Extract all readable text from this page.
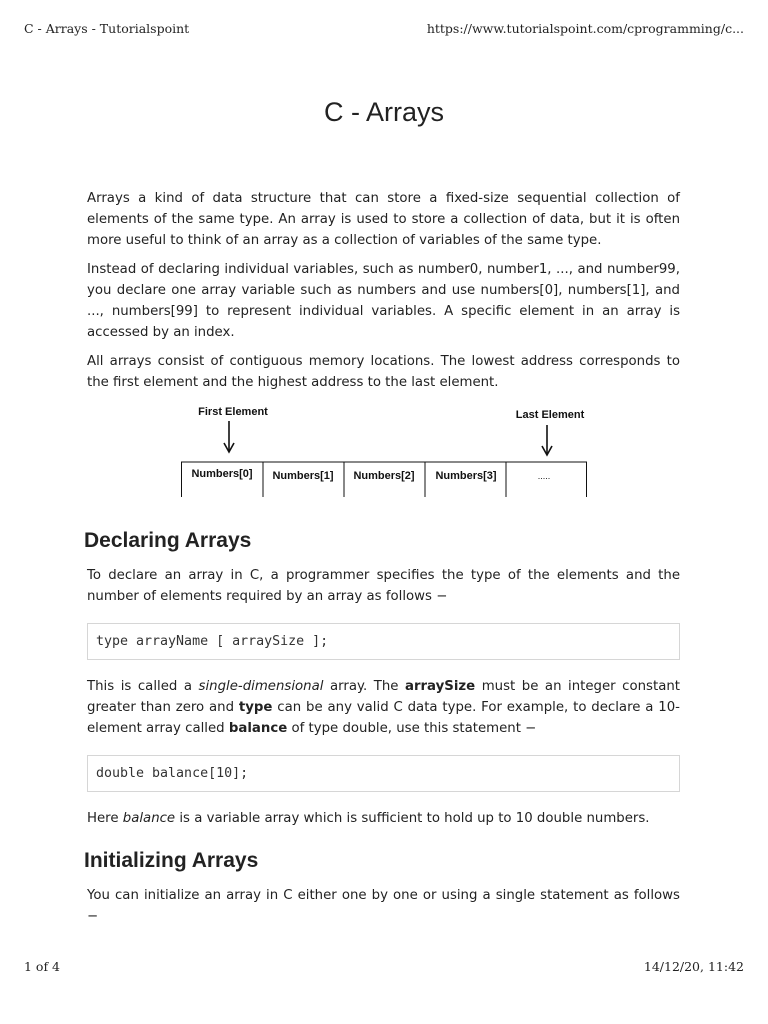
C - Arrays - Tutorialspoint	https://www.tutorialspoint.com/cprogramming/c...
C - Arrays

Arrays a kind of data structure that can store a fixed-size sequential collection of elements of the same type. An array is used to store a collection of data, but it is often more useful to think of an array as a collection of variables of the same type.

Instead of declaring individual variables, such as number0, number1, ..., and number99, you declare one array variable such as numbers and use numbers[0], numbers[1], and ..., numbers[99] to represent individual variables. A specific element in an array is accessed by an index.

All arrays consist of contiguous memory locations. The lowest address corresponds to the first element and the highest address to the last element.

First Element	Last Element
Numbers[0] Numbers[1] Numbers[2] Numbers[3]	.....
Declaring Arrays

To declare an array in C, a programmer specifies the type of the elements and the number of elements required by an array as follows −

type arrayName [ arraySize ];

This is called a single-dimensional array. The arraySize must be an integer constant greater than zero and type can be any valid C data type. For example, to declare a 10-element array called balance of type double, use this statement −

double balance[10];

Here balance is a variable array which is sufficient to hold up to 10 double numbers.

Initializing Arrays

You can initialize an array in C either one by one or using a single statement as follows −

1 of 4	14/12/20, 11:42
